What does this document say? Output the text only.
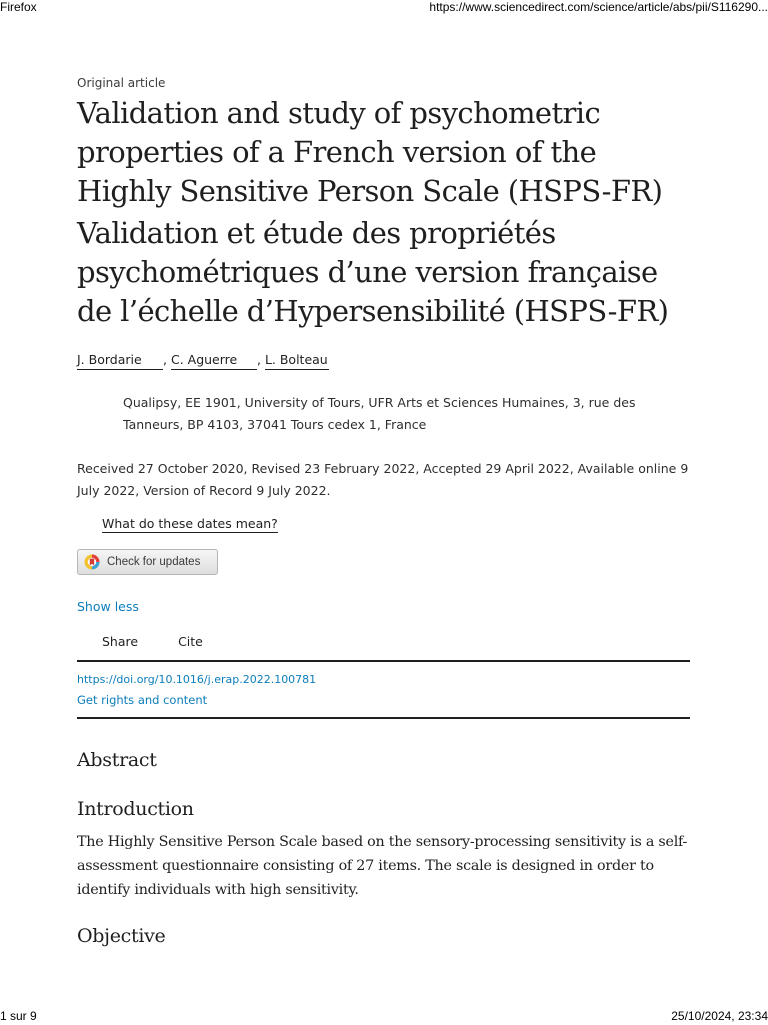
Firefox	https://www.sciencedirect.com/science/article/abs/pii/S116290...
Original article
Validation and study of psychometric properties of a French version of the Highly Sensitive Person Scale (HSPS-FR)
Validation et étude des propriétés psychométriques d’une version française de l’échelle d’Hypersensibilité (HSPS-FR)
J. Bordarie , C. Aguerre , L. Bolteau
Qualipsy, EE 1901, University of Tours, UFR Arts et Sciences Humaines, 3, rue des Tanneurs, BP 4103, 37041 Tours cedex 1, France
Received 27 October 2020, Revised 23 February 2022, Accepted 29 April 2022, Available online 9 July 2022, Version of Record 9 July 2022.
What do these dates mean?
Check for updates
Show less
Share	Cite
https://doi.org/10.1016/j.erap.2022.100781
Get rights and content
Abstract
Introduction

The Highly Sensitive Person Scale based on the sensory-processing sensitivity is a self-assessment questionnaire consisting of 27 items. The scale is designed in order to identify individuals with high sensitivity.

Objective
1 sur 9	25/10/2024, 23:34
